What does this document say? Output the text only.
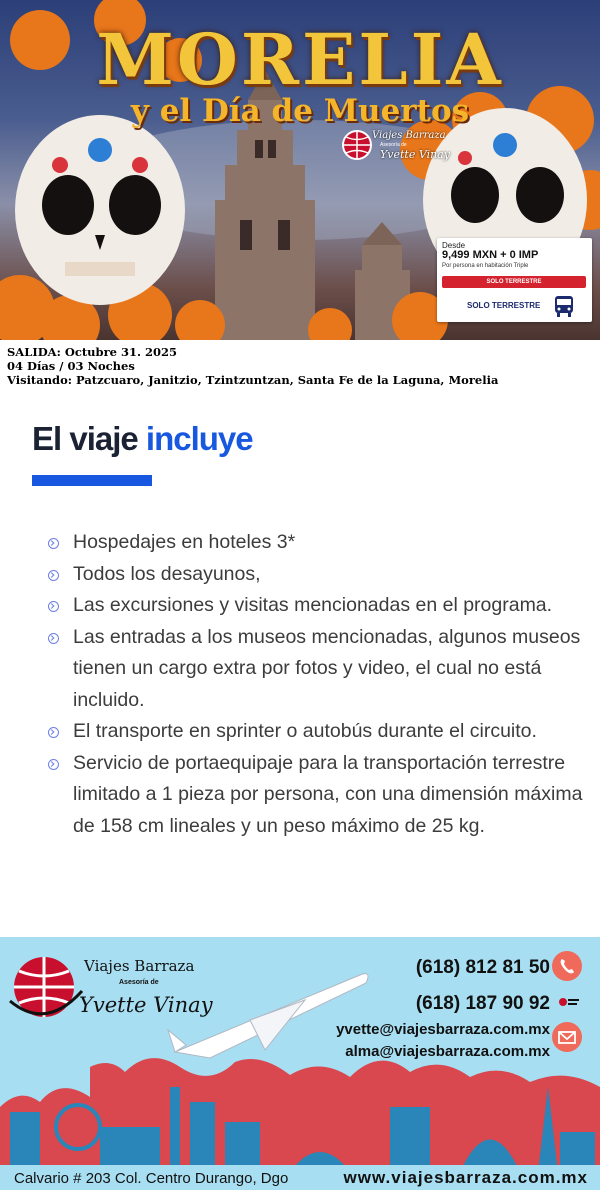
MORELIA
y el Día de Muertos
Viajes Barraza
Asesoría de
Yvette Vinay
Desde
9,499 MXN + 0 IMP
Por persona en habitación Triple
SOLO TERRESTRE
SOLO TERRESTRE
SALIDA: Octubre 31. 2025
04 Días / 03 Noches
Visitando: Patzcuaro, Janitzio, Tzintzuntzan, Santa Fe de la Laguna, Morelia
El viaje incluye
Hospedajes en hoteles 3*
Todos los desayunos,
Las excursiones y visitas mencionadas en el programa.
Las entradas a los museos mencionadas, algunos museos tienen un cargo extra por fotos y video, el cual no está incluido.
El transporte en sprinter o autobús durante el circuito.
Servicio de portaequipaje para la transportación terrestre limitado a 1 pieza por persona, con una dimensión máxima de 158 cm lineales y un peso máximo de 25 kg.
Viajes Barraza
Asesoría de
Yvette Vinay
(618) 812 81 50
(618) 187 90 92
yvette@viajesbarraza.com.mx
alma@viajesbarraza.com.mx
Calvario # 203 Col. Centro Durango, Dgo	www.viajesbarraza.com.mx
